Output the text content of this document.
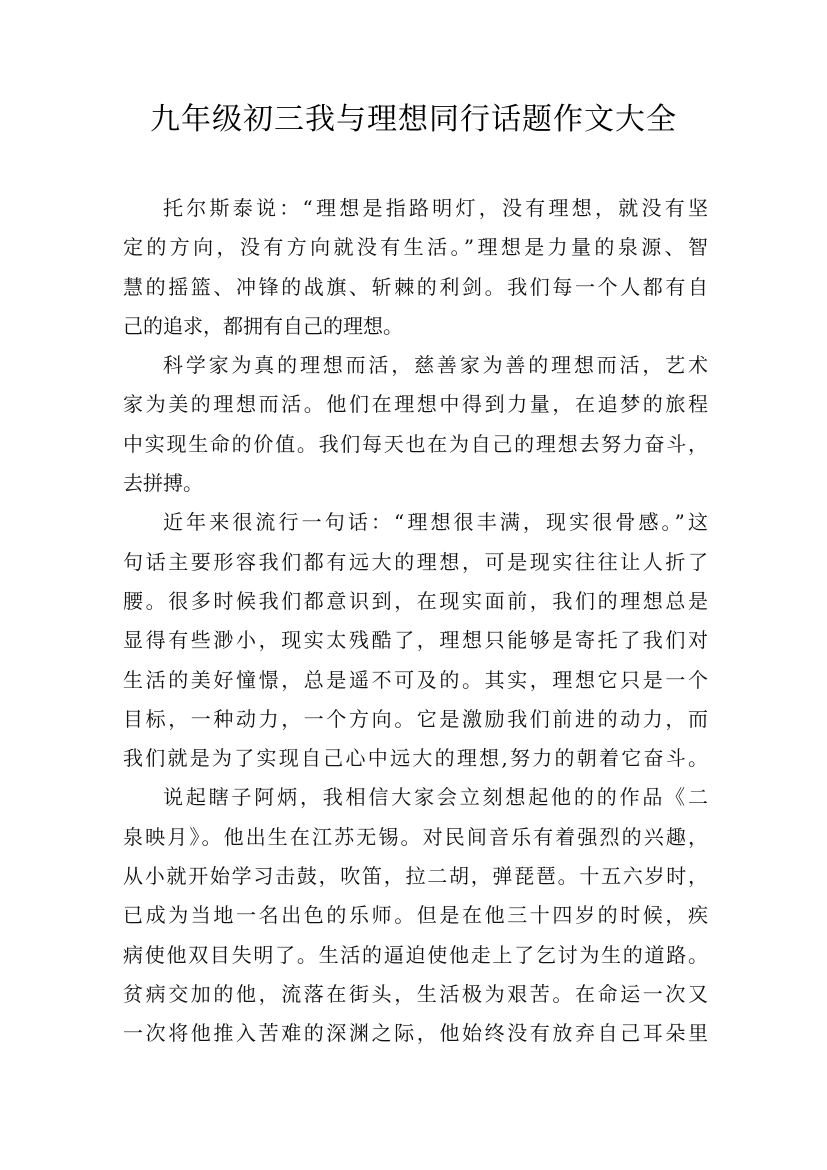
九年级初三我与理想同行话题作文大全
托尔斯泰说：“理想是指路明灯，没有理想，就没有坚
定的方向，没有方向就没有生活。”理想是力量的泉源、智
慧的摇篮、冲锋的战旗、斩棘的利剑。我们每一个人都有自
己的追求，都拥有自己的理想。
科学家为真的理想而活，慈善家为善的理想而活，艺术
家为美的理想而活。他们在理想中得到力量，在追梦的旅程
中实现生命的价值。我们每天也在为自己的理想去努力奋斗，
去拼搏。
近年来很流行一句话：“理想很丰满，现实很骨感。”这
句话主要形容我们都有远大的理想，可是现实往往让人折了
腰。很多时候我们都意识到，在现实面前，我们的理想总是
显得有些渺小，现实太残酷了，理想只能够是寄托了我们对
生活的美好憧憬，总是遥不可及的。其实，理想它只是一个
目标，一种动力，一个方向。它是激励我们前进的动力，而
我们就是为了实现自己心中远大的理想,努力的朝着它奋斗。
说起瞎子阿炳，我相信大家会立刻想起他的的作品《二
泉映月》。他出生在江苏无锡。对民间音乐有着强烈的兴趣，
从小就开始学习击鼓，吹笛，拉二胡，弹琵琶。十五六岁时，
已成为当地一名出色的乐师。但是在他三十四岁的时候，疾
病使他双目失明了。生活的逼迫使他走上了乞讨为生的道路。
贫病交加的他，流落在街头，生活极为艰苦。在命运一次又
一次将他推入苦难的深渊之际，他始终没有放弃自己耳朵里
